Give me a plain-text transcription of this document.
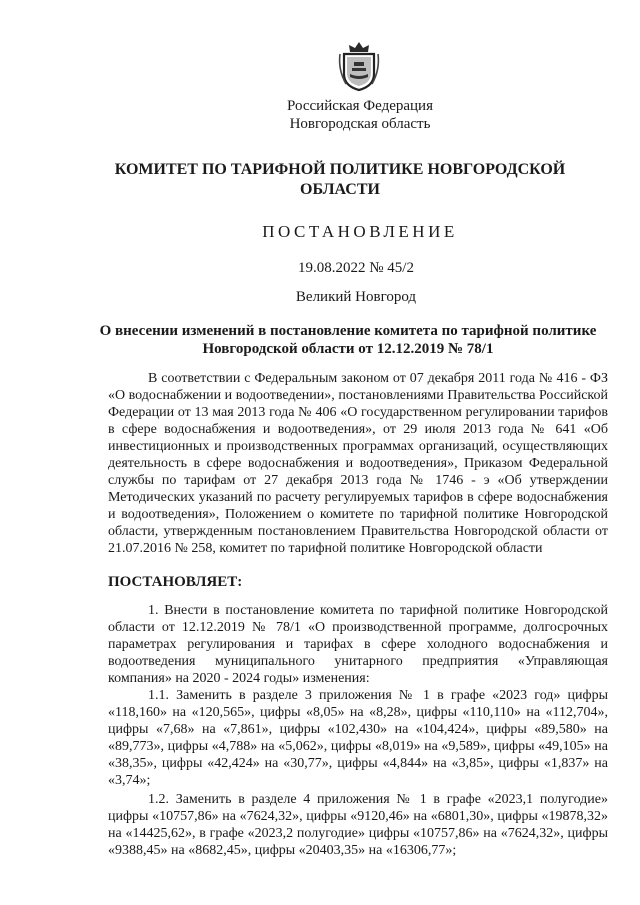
Российская Федерация
Новгородская область
КОМИТЕТ ПО ТАРИФНОЙ ПОЛИТИКЕ НОВГОРОДСКОЙ
ОБЛАСТИ
ПОСТАНОВЛЕНИЕ
19.08.2022 № 45/2
Великий Новгород
О внесении изменений в постановление комитета по тарифной политике
Новгородской области от 12.12.2019 № 78/1
В соответствии с Федеральным законом от 07 декабря 2011 года № 416 - ФЗ «О водоснабжении и водоотведении», постановлениями Правительства Российской Федерации от 13 мая 2013 года № 406 «О государственном регулировании тарифов в сфере водоснабжения и водоотведения», от 29 июля 2013 года № 641 «Об инвестиционных и производственных программах организаций, осуществляющих деятельность в сфере водоснабжения и водоотведения», Приказом Федеральной службы по тарифам от 27 декабря 2013 года № 1746 - э «Об утверждении Методических указаний по расчету регулируемых тарифов в сфере водоснабжения и водоотведения», Положением о комитете по тарифной политике Новгородской области, утвержденным постановлением Правительства Новгородской области от 21.07.2016 № 258, комитет по тарифной политике Новгородской области
ПОСТАНОВЛЯЕТ:
1. Внести в постановление комитета по тарифной политике Новгородской области от 12.12.2019 № 78/1 «О производственной программе, долгосрочных параметрах регулирования и тарифах в сфере холодного водоснабжения и водоотведения муниципального унитарного предприятия «Управляющая компания» на 2020 - 2024 годы» изменения:
1.1. Заменить в разделе 3 приложения № 1 в графе «2023 год» цифры «118,160» на «120,565», цифры «8,05» на «8,28», цифры «110,110» на «112,704», цифры «7,68» на «7,861», цифры «102,430» на «104,424», цифры «89,580» на «89,773», цифры «4,788» на «5,062», цифры «8,019» на «9,589», цифры «49,105» на «38,35», цифры «42,424» на «30,77», цифры «4,844» на «3,85», цифры «1,837» на «3,74»;
1.2. Заменить в разделе 4 приложения № 1 в графе «2023,1 полугодие» цифры «10757,86» на «7624,32», цифры «9120,46» на «6801,30», цифры «19878,32» на «14425,62», в графе «2023,2 полугодие» цифры «10757,86» на «7624,32», цифры «9388,45» на «8682,45», цифры «20403,35» на «16306,77»;
